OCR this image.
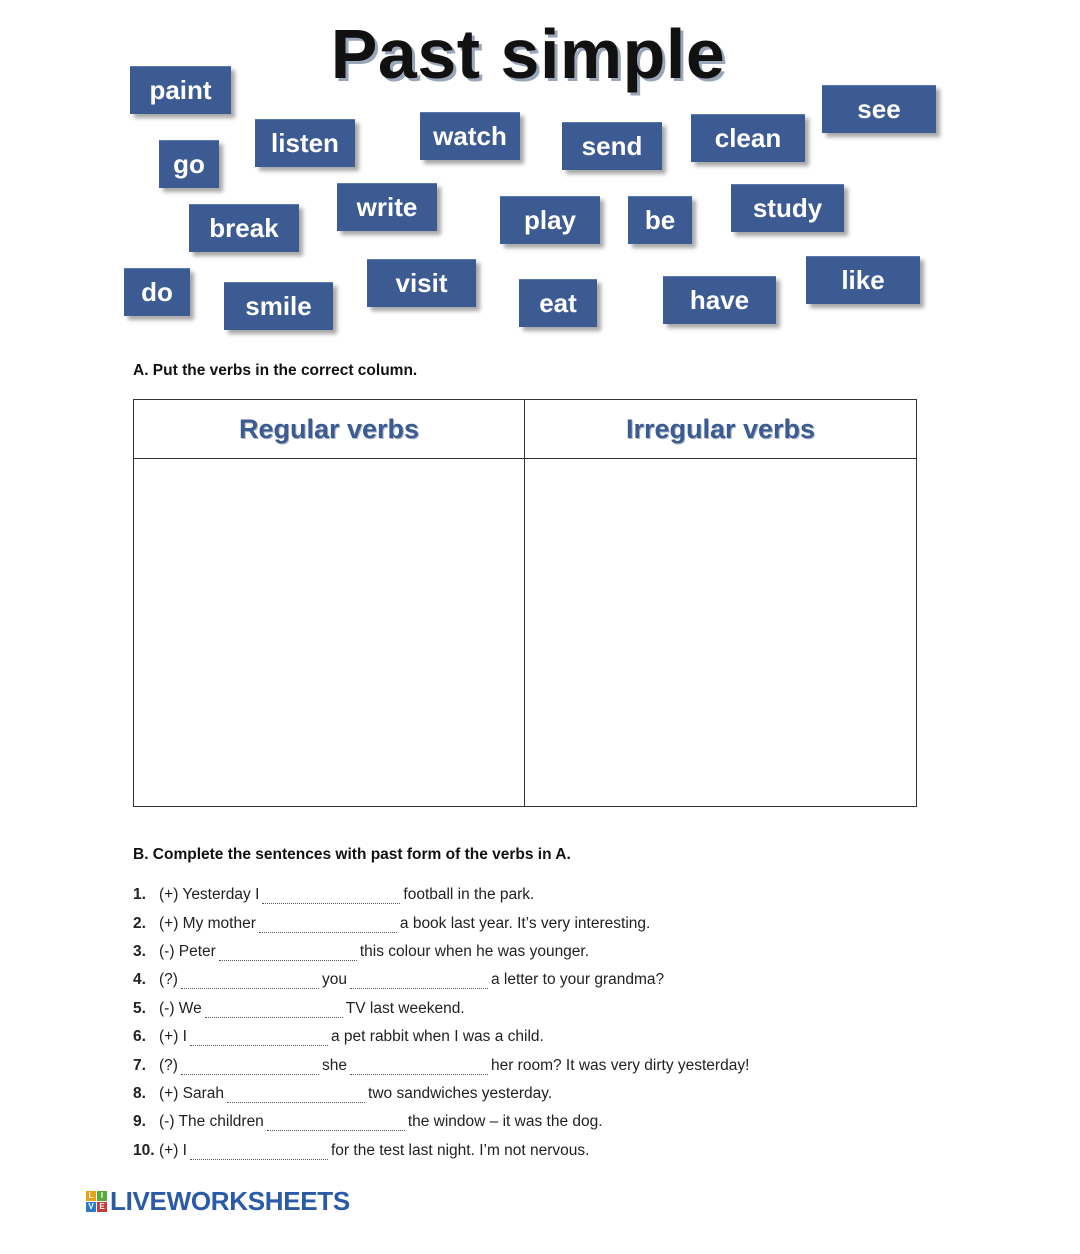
Past simple
paint
go
listen	watch	send	clean
see
break
write	play	be	study
do	smile
visit
eat	have
like
A. Put the verbs in the correct column.
Regular verbs	Irregular verbs
B. Complete the sentences with past form of the verbs in A.
1. (+) Yesterday I	football in the park.
2. (+) My mother	a book last year. It’s very interesting.
3. (-) Peter	this colour when he was younger.
4. (?)	you	a letter to your grandma?
5. (-) We	TV last weekend.
6. (+) I	a pet rabbit when I was a child.
7. (?)	she	her room? It was very dirty yesterday!
8. (+) Sarah	two sandwiches yesterday.
9. (-) The children	the window – it was the dog.
10. (+) I	for the test last night. I’m not nervous.
L I
V E LIVEWORKSHEETS
